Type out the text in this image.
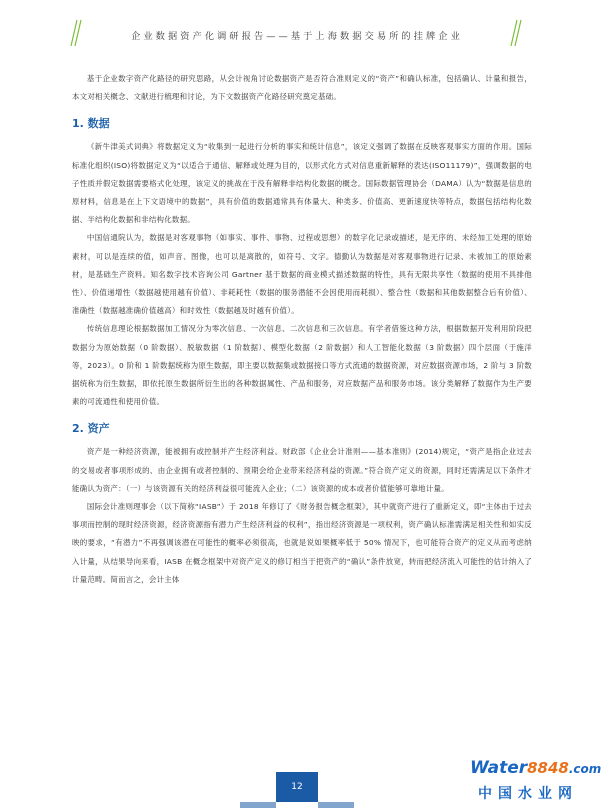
企业数据资产化调研报告——基于上海数据交易所的挂牌企业

基于企业数字资产化路径的研究思路，从会计视角讨论数据资产是否符合准则定义的“资产”和确认标准，包括确认、计量和报告，本文对相关概念、文献进行梳理和讨论，为下文数据资产化路径研究奠定基础。

1. 数据

《新牛津美式词典》将数据定义为“收集到一起进行分析的事实和统计信息”，该定义强调了数据在反映客观事实方面的作用。国际标准化组织(ISO)将数据定义为“以适合于通信、解释或处理为目的，以形式化方式对信息重新解释的表达(ISO11179)”，强调数据的电子性质并假定数据需要格式化处理，该定义的挑战在于没有解释非结构化数据的概念。国际数据管理协会（DAMA）认为“数据是信息的原材料，信息是在上下文语境中的数据”，具有价值的数据通常具有体量大、种类多、价值高、更新速度快等特点，数据包括结构化数据、半结构化数据和非结构化数据。

中国信通院认为，数据是对客观事物（如事实、事件、事物、过程或思想）的数字化记录或描述，是无序的、未经加工处理的原始素材，可以是连续的值，如声音、图像，也可以是离散的，如符号、文字。德勤认为数据是对客观事物进行记录、未被加工的原始素材，是基础生产资料。知名数字技术咨询公司 Gartner 基于数据的商业模式描述数据的特性，具有无限共享性（数据的使用不具排他性）、价值递增性（数据越使用越有价值）、非耗耗性（数据的服务潜能不会因使用而耗损）、整合性（数据和其他数据整合后有价值）、准确性（数据越准确价值越高）和时效性（数据越及时越有价值）。

传统信息理论根据数据加工情况分为零次信息、一次信息、二次信息和三次信息。有学者借鉴这种方法，根据数据开发利用阶段把数据分为原始数据（0 阶数据）、脱敏数据（1 阶数据）、模型化数据（2 阶数据）和人工智能化数据（3 阶数据）四个层面（于施洋等，2023）。0 阶和 1 阶数据统称为原生数据，即主要以数据集或数据接口等方式流通的数据资源，对应数据资源市场，2 阶与 3 阶数据统称为衍生数据，即依托原生数据所衍生出的各种数据属性、产品和服务，对应数据产品和服务市场。该分类解释了数据作为生产要素的可流通性和使用价值。

2. 资产

资产是一种经济资源，能被拥有或控制并产生经济利益。财政部《企业会计准则——基本准则》(2014)规定，“资产是指企业过去的交易或者事项形成的、由企业拥有或者控制的、预期会给企业带来经济利益的资源。”符合资产定义的资源，同时还需满足以下条件才能确认为资产：（一）与该资源有关的经济利益很可能流入企业；（二）该资源的成本或者价值能够可靠地计量。

国际会计准则理事会（以下简称“IASB”）于 2018 年修订了《财务报告概念框架》，其中就资产进行了重新定义，即“主体由于过去事项而控制的现时经济资源，经济资源指有潜力产生经济利益的权利”，指出经济资源是一项权利，资产确认标准需满足相关性和如实反映的要求，“有潜力”不再强调该潜在可能性的概率必须很高，也就是说如果概率低于 50% 情况下，也可能符合资产的定义从而考虑纳入计量，从结果导向来看，IASB 在概念框架中对资产定义的修订相当于把资产的“确认”条件放宽，转而把经济流入可能性的估计纳入了计量范畴。简而言之，会计主体

12
Water8848.com
中国水业网
